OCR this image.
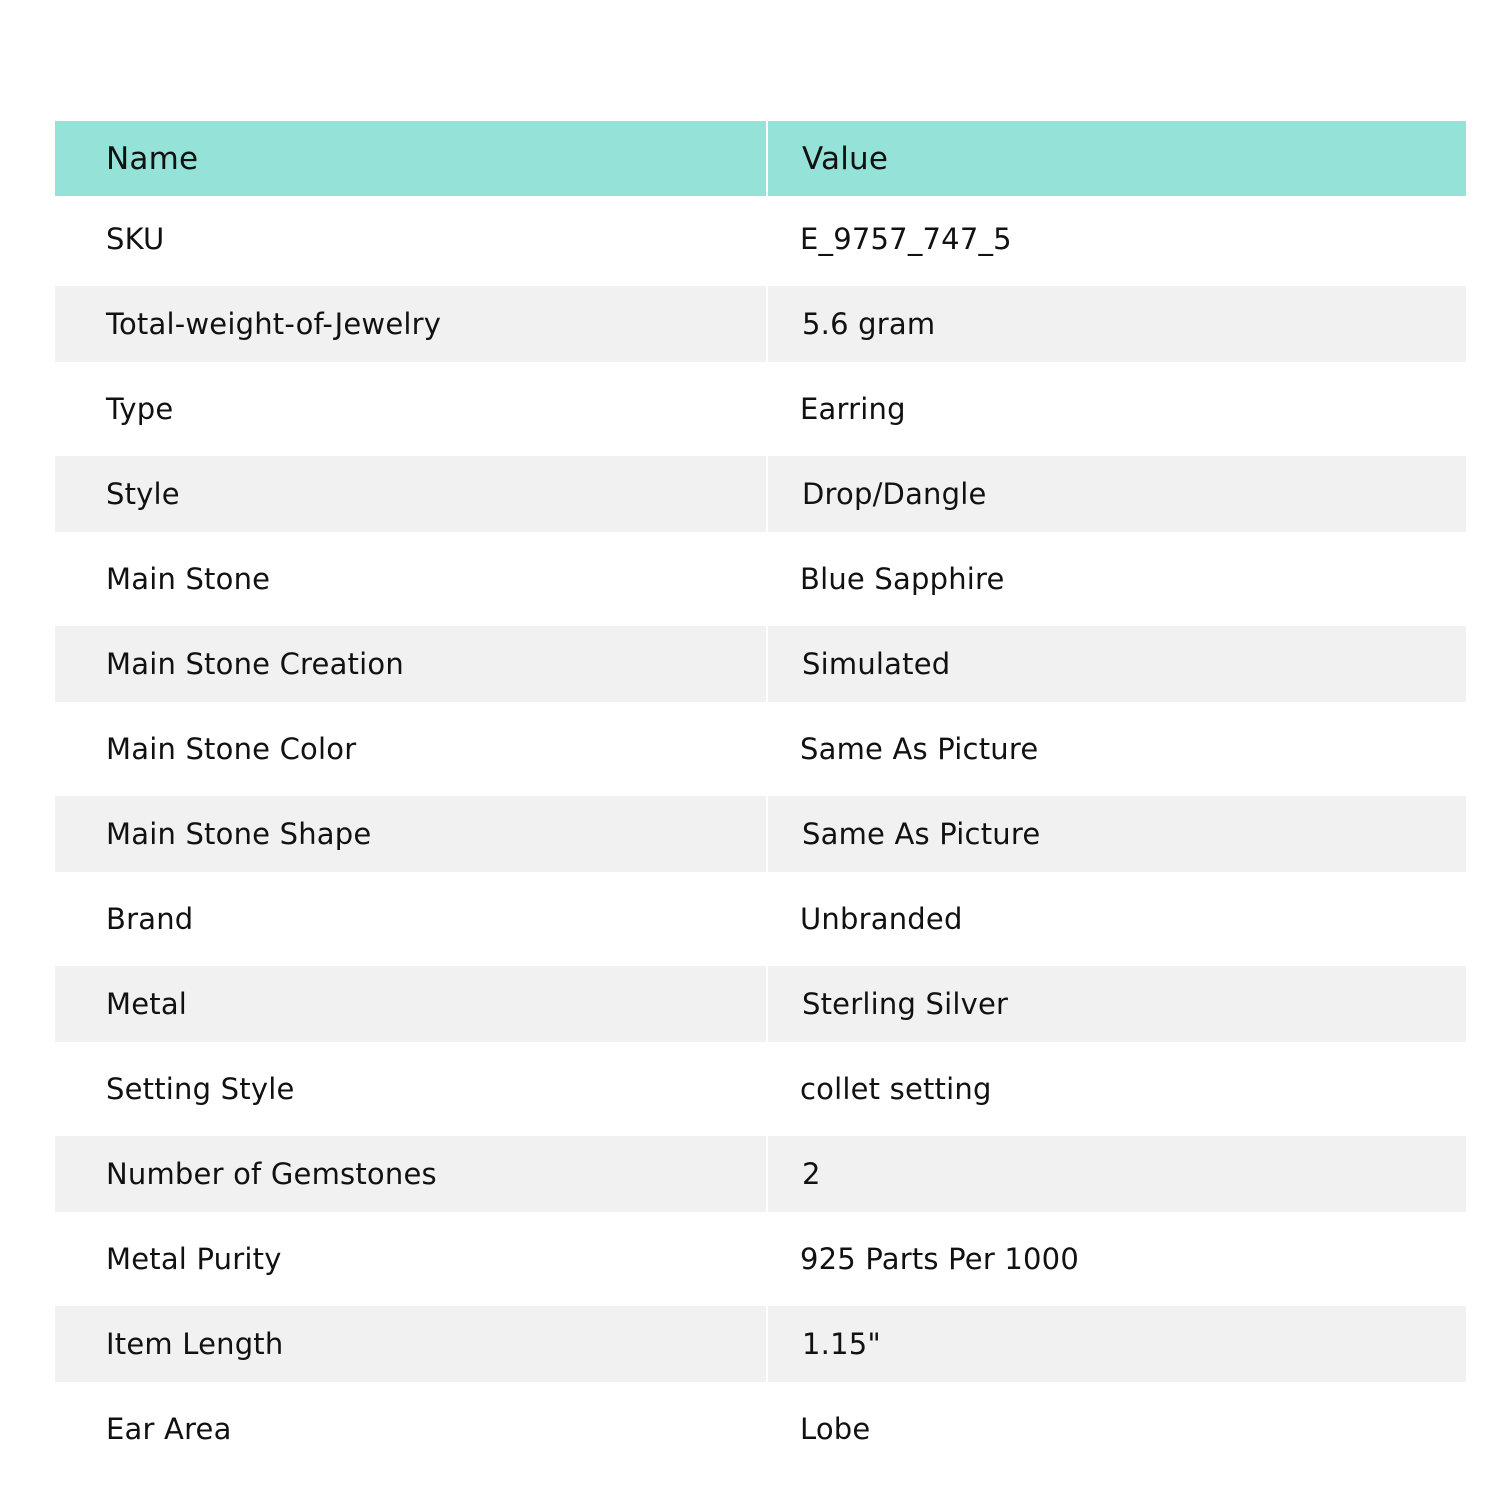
Name	Value
SKU	E_9757_747_5
Total-weight-of-Jewelry	5.6 gram
Type	Earring
Style	Drop/Dangle
Main Stone	Blue Sapphire
Main Stone Creation	Simulated
Main Stone Color	Same As Picture
Main Stone Shape	Same As Picture
Brand	Unbranded
Metal	Sterling Silver
Setting Style	collet setting
Number of Gemstones	2
Metal Purity	925 Parts Per 1000
Item Length	1.15"
Ear Area	Lobe
